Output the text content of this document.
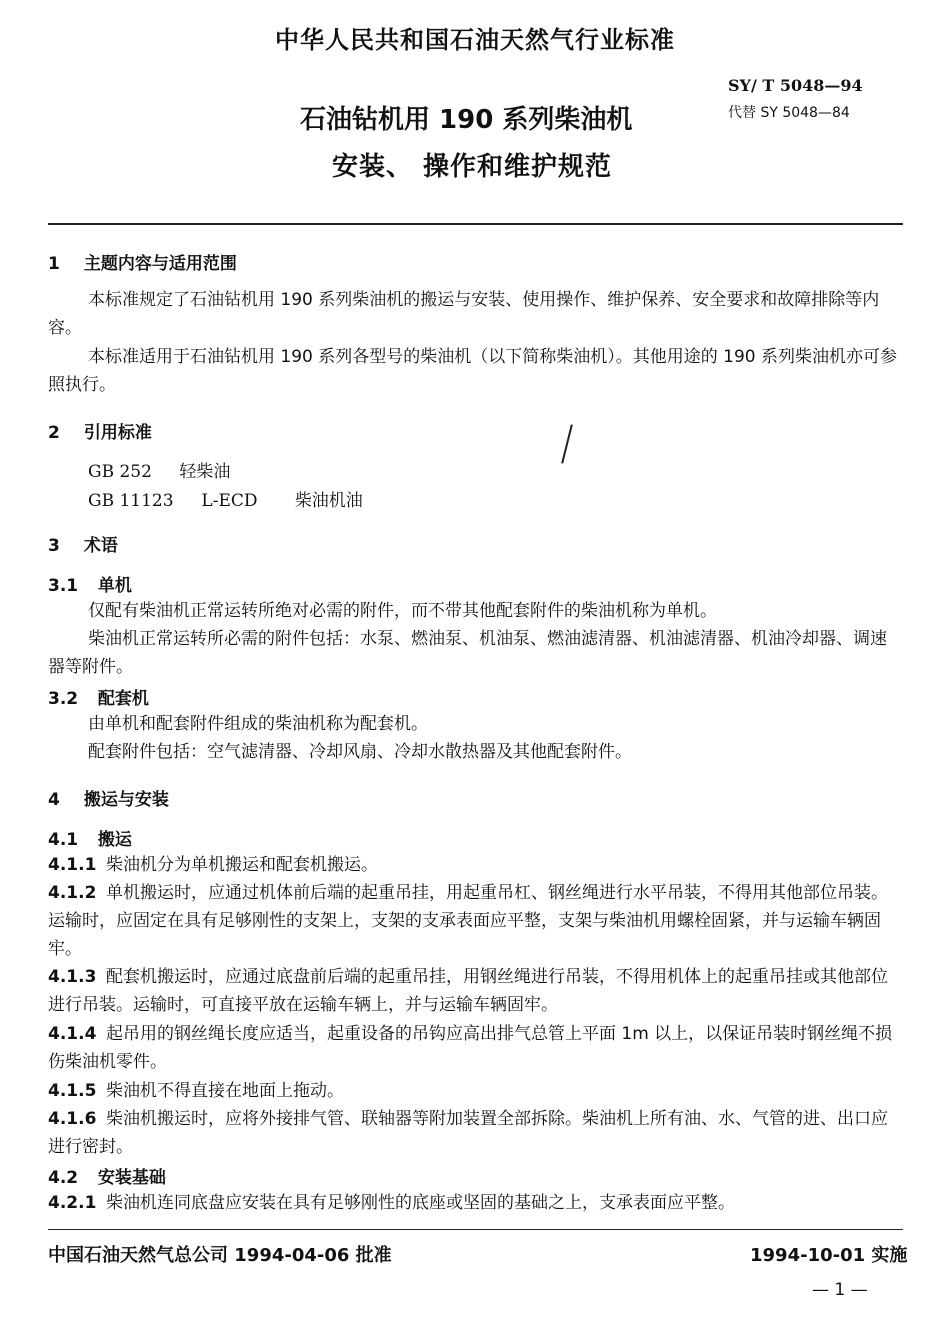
中华人民共和国石油天然气行业标准
SY/ T 5048—94
代替 SY 5048—84
石油钻机用 190 系列柴油机
安装、 操作和维护规范
1 主题内容与适用范围
本标准规定了石油钻机用 190 系列柴油机的搬运与安装、使用操作、维护保养、安全要求和故障排除等内容。
本标准适用于石油钻机用 190 系列各型号的柴油机（以下简称柴油机）。其他用途的 190 系列柴油机亦可参照执行。
2 引用标准
GB 252 轻柴油
GB 11123 L-ECD 柴油机油
3 术语
3.1 单机
仅配有柴油机正常运转所绝对必需的附件，而不带其他配套附件的柴油机称为单机。
柴油机正常运转所必需的附件包括：水泵、燃油泵、机油泵、燃油滤清器、机油滤清器、机油冷却器、调速器等附件。
3.2 配套机
由单机和配套附件组成的柴油机称为配套机。
配套附件包括：空气滤清器、冷却风扇、冷却水散热器及其他配套附件。
4 搬运与安装
4.1 搬运
4.1.1 柴油机分为单机搬运和配套机搬运。
4.1.2 单机搬运时，应通过机体前后端的起重吊挂，用起重吊杠、钢丝绳进行水平吊装，不得用其他部位吊装。运输时，应固定在具有足够刚性的支架上，支架的支承表面应平整，支架与柴油机用螺栓固紧，并与运输车辆固牢。
4.1.3 配套机搬运时，应通过底盘前后端的起重吊挂，用钢丝绳进行吊装，不得用机体上的起重吊挂或其他部位进行吊装。运输时，可直接平放在运输车辆上，并与运输车辆固牢。
4.1.4 起吊用的钢丝绳长度应适当，起重设备的吊钩应高出排气总管上平面 1m 以上，以保证吊装时钢丝绳不损伤柴油机零件。
4.1.5 柴油机不得直接在地面上拖动。
4.1.6 柴油机搬运时，应将外接排气管、联轴器等附加装置全部拆除。柴油机上所有油、水、气管的进、出口应进行密封。
4.2 安装基础
4.2.1 柴油机连同底盘应安装在具有足够刚性的底座或坚固的基础之上，支承表面应平整。
中国石油天然气总公司 1994-04-06 批准	1994-10-01 实施
— 1 —
